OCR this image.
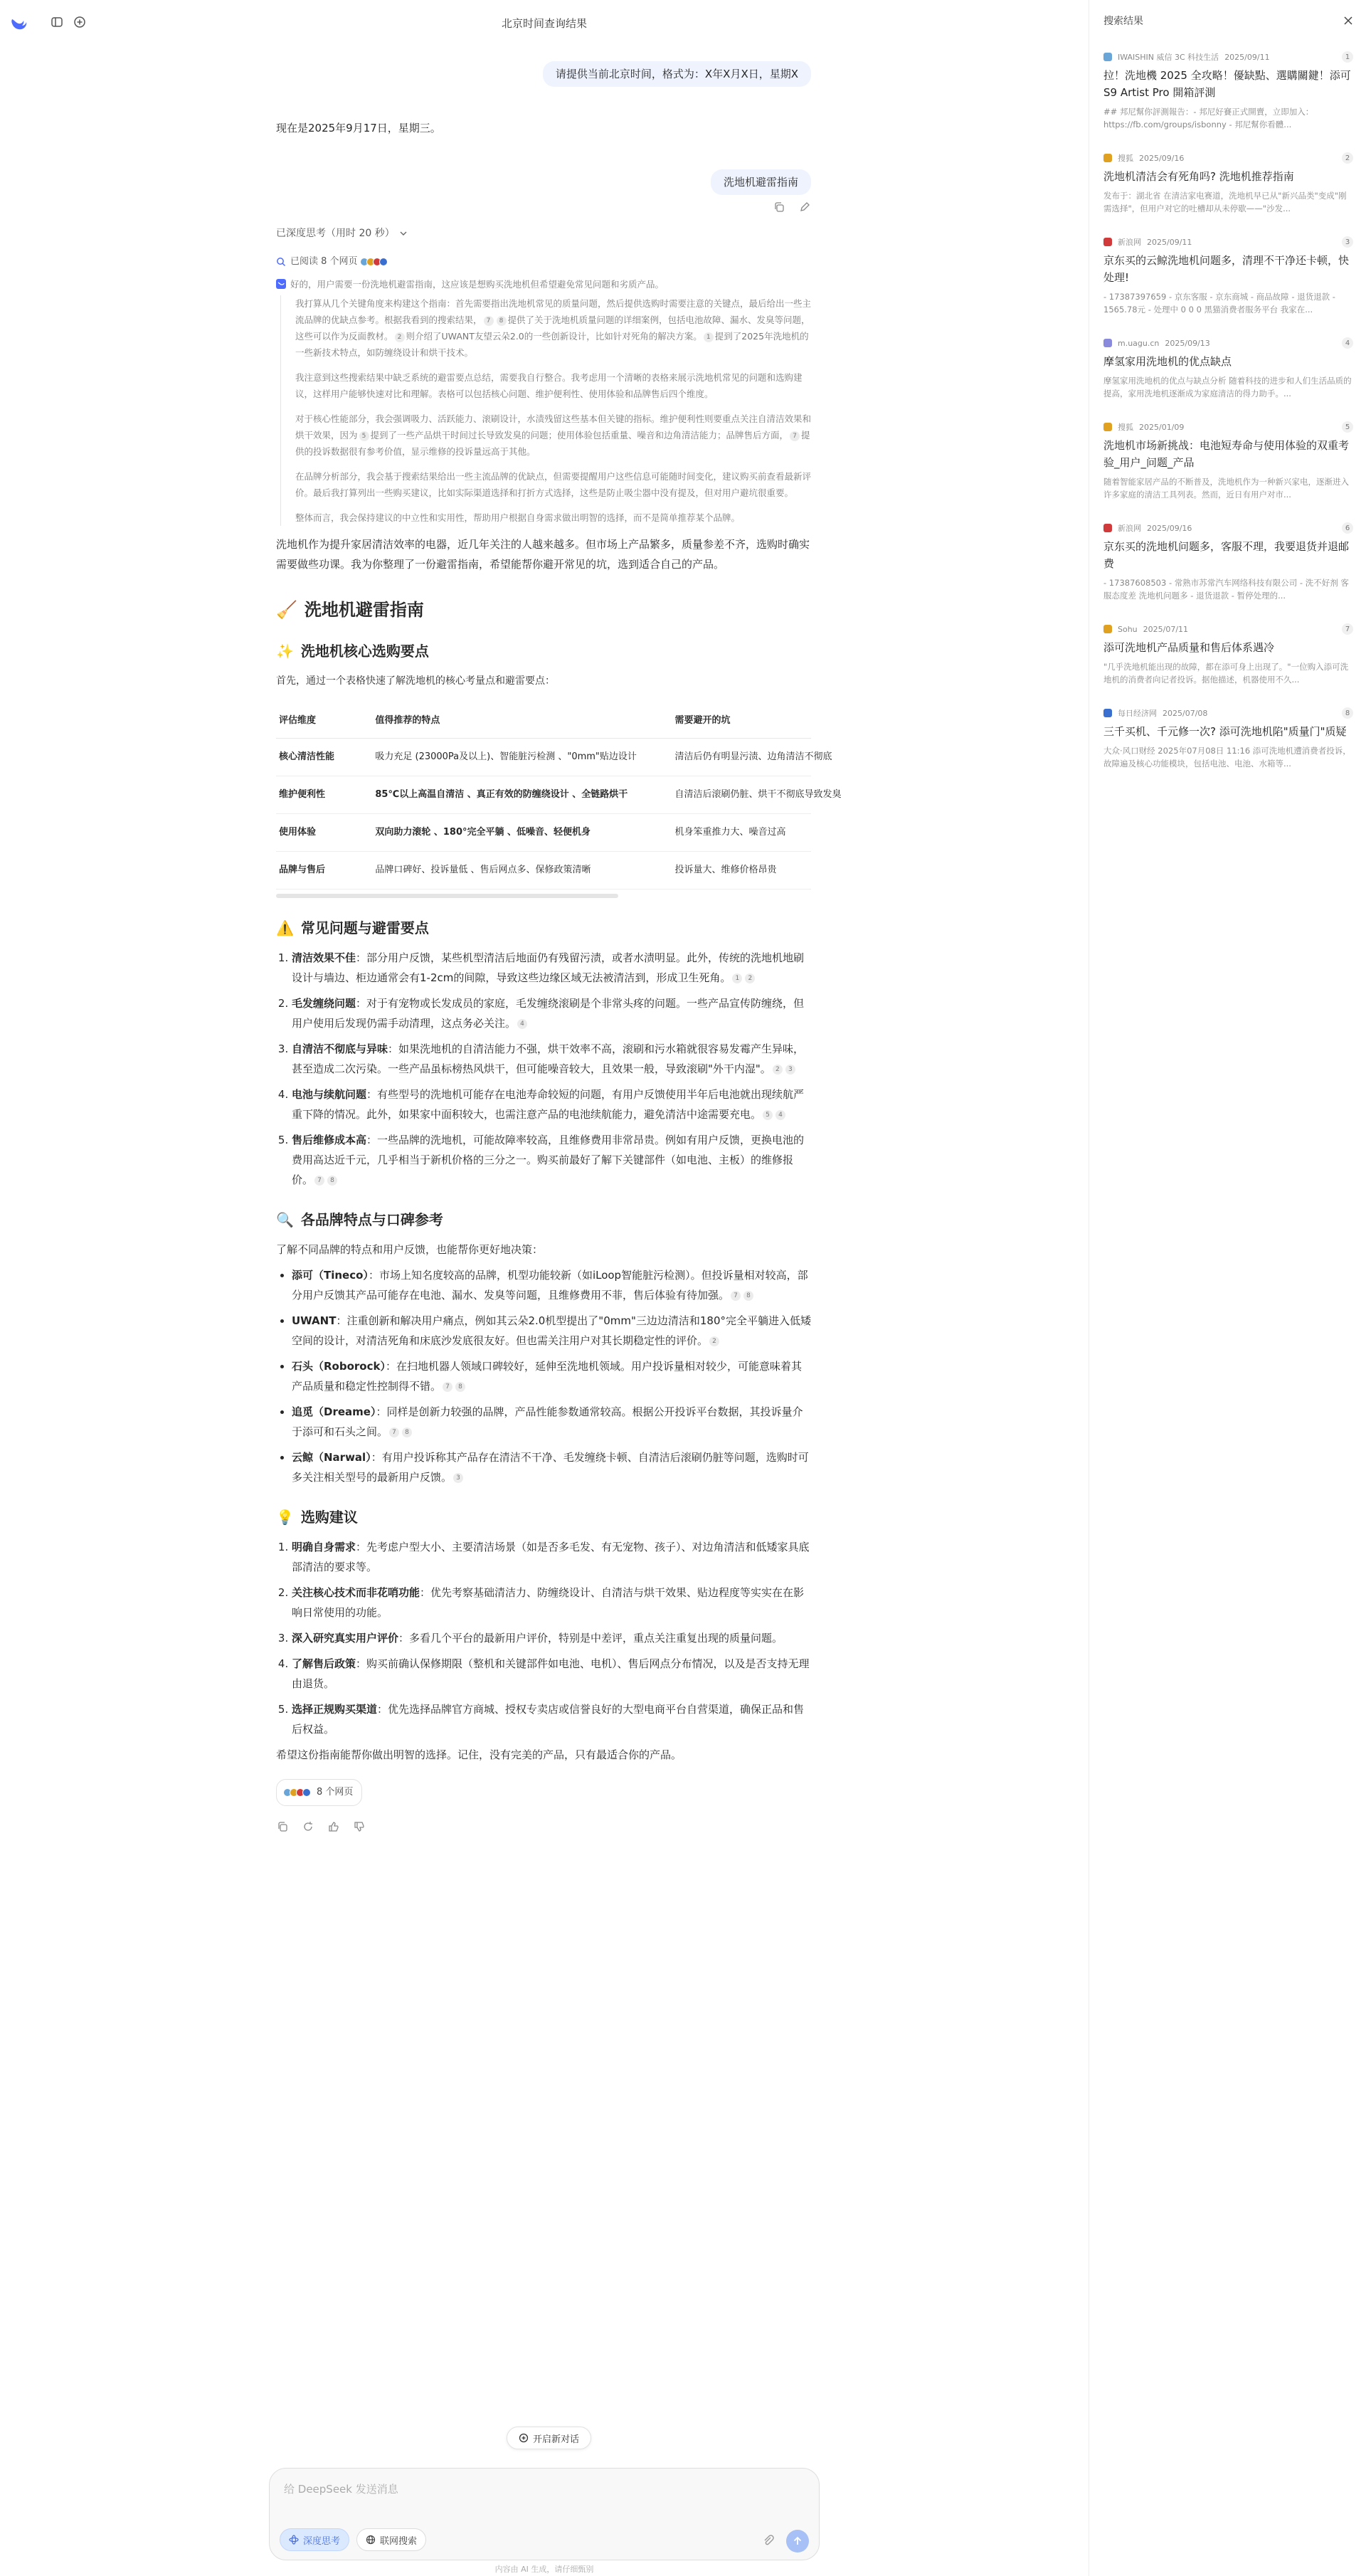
北京时间查询结果
请提供当前北京时间，格式为：X年X月X日，星期X
现在是2025年9月17日，星期三。
洗地机避雷指南
已深度思考（用时 20 秒）
已阅读 8 个网页
好的，用户需要一份洗地机避雷指南，这应该是想购买洗地机但希望避免常见问题和劣质产品。

我打算从几个关键角度来构建这个指南：首先需要指出洗地机常见的质量问题，然后提供选购时需要注意的关键点，最后给出一些主流品牌的优缺点参考。根据我看到的搜索结果， 7 8 提供了关于洗地机质量问题的详细案例，包括电池故障、漏水、发臭等问题，这些可以作为反面教材。 2 则介绍了UWANT友望云朵2.0的一些创新设计，比如针对死角的解决方案。 1 提到了2025年洗地机的一些新技术特点，如防缠绕设计和烘干技术。

我注意到这些搜索结果中缺乏系统的避雷要点总结，需要我自行整合。我考虑用一个清晰的表格来展示洗地机常见的问题和选购建议，这样用户能够快速对比和理解。表格可以包括核心问题、维护便利性、使用体验和品牌售后四个维度。

对于核心性能部分，我会强调吸力、活跃能力、滚刷设计，水渍残留这些基本但关键的指标。维护便利性则要重点关注自清洁效果和烘干效果，因为 5 提到了一些产品烘干时间过长导致发臭的问题；使用体验包括重量、噪音和边角清洁能力；品牌售后方面， 7 提供的投诉数据很有参考价值，显示维修的投诉量远高于其他。

在品牌分析部分，我会基于搜索结果给出一些主流品牌的优缺点，但需要提醒用户这些信息可能随时间变化，建议购买前查看最新评价。最后我打算列出一些购买建议，比如实际渠道选择和打折方式选择，这些是防止吸尘器中没有提及，但对用户避坑很重要。

整体而言，我会保持建议的中立性和实用性，帮助用户根据自身需求做出明智的选择，而不是简单推荐某个品牌。

洗地机作为提升家居清洁效率的电器，近几年关注的人越来越多。但市场上产品繁多，质量参差不齐，选购时确实需要做些功课。我为你整理了一份避雷指南，希望能帮你避开常见的坑，选到适合自己的产品。

🧹 洗地机避雷指南
✨ 洗地机核心选购要点

首先，通过一个表格快速了解洗地机的核心考量点和避雷要点：

评估维度	值得推荐的特点	需要避开的坑
核心清洁性能	吸力充足 (23000Pa及以上)、智能脏污检测 、"0mm"贴边设计	清洁后仍有明显污渍、边角清洁不彻底
维护便利性	85℃以上高温自清洁 、真正有效的防缠绕设计 、全链路烘干	自清洁后滚刷仍脏、烘干不彻底导致发臭
使用体验	双向助力滚轮 、180°完全平躺 、低噪音、轻便机身	机身笨重推力大、噪音过高
品牌与售后	品牌口碑好、投诉量低 、售后网点多、保修政策清晰	投诉量大、维修价格昂贵
⚠️ 常见问题与避雷要点
1. 清洁效果不佳：部分用户反馈，某些机型清洁后地面仍有残留污渍，或者水渍明显。此外，传统的洗地机地刷设计与墙边、柜边通常会有1-2cm的间隙，导致这些边缘区域无法被清洁到，形成卫生死角。 1 2
2. 毛发缠绕问题：对于有宠物或长发成员的家庭，毛发缠绕滚刷是个非常头疼的问题。一些产品宣传防缠绕，但用户使用后发现仍需手动清理，这点务必关注。 4
3. 自清洁不彻底与异味：如果洗地机的自清洁能力不强，烘干效率不高，滚刷和污水箱就很容易发霉产生异味，甚至造成二次污染。一些产品虽标榜热风烘干，但可能噪音较大，且效果一般，导致滚刷"外干内湿"。 2 3
4. 电池与续航问题：有些型号的洗地机可能存在电池寿命较短的问题，有用户反馈使用半年后电池就出现续航严重下降的情况。此外，如果家中面积较大，也需注意产品的电池续航能力，避免清洁中途需要充电。 5 4
5. 售后维修成本高：一些品牌的洗地机，可能故障率较高，且维修费用非常昂贵。例如有用户反馈，更换电池的费用高达近千元，几乎相当于新机价格的三分之一。购买前最好了解下关键部件（如电池、主板）的维修报价。 7 8
🔍 各品牌特点与口碑参考

了解不同品牌的特点和用户反馈，也能帮你更好地决策：

• 添可（Tineco）：市场上知名度较高的品牌，机型功能较新（如iLoop智能脏污检测）。但投诉量相对较高，部分用户反馈其产品可能存在电池、漏水、发臭等问题，且维修费用不菲，售后体验有待加强。 7 8
• UWANT：注重创新和解决用户痛点，例如其云朵2.0机型提出了"0mm"三边边清洁和180°完全平躺进入低矮空间的设计，对清洁死角和床底沙发底很友好。但也需关注用户对其长期稳定性的评价。 2
• 石头（Roborock）：在扫地机器人领域口碑较好，延伸至洗地机领域。用户投诉量相对较少，可能意味着其产品质量和稳定性控制得不错。 7 8
• 追觅（Dreame）：同样是创新力较强的品牌，产品性能参数通常较高。根据公开投诉平台数据，其投诉量介于添可和石头之间。 7 8
• 云鲸（Narwal）：有用户投诉称其产品存在清洁不干净、毛发缠绕卡顿、自清洁后滚刷仍脏等问题，选购时可多关注相关型号的最新用户反馈。 3
💡 选购建议
1. 明确自身需求：先考虑户型大小、主要清洁场景（如是否多毛发、有无宠物、孩子）、对边角清洁和低矮家具底部清洁的要求等。
2. 关注核心技术而非花哨功能：优先考察基础清洁力、防缠绕设计、自清洁与烘干效果、贴边程度等实实在在影响日常使用的功能。
3. 深入研究真实用户评价：多看几个平台的最新用户评价，特别是中差评，重点关注重复出现的质量问题。
4. 了解售后政策：购买前确认保修期限（整机和关键部件如电池、电机）、售后网点分布情况，以及是否支持无理由退货。
5. 选择正规购买渠道：优先选择品牌官方商城、授权专卖店或信誉良好的大型电商平台自营渠道，确保正品和售后权益。

希望这份指南能帮你做出明智的选择。记住，没有完美的产品，只有最适合你的产品。

8 个网页
开启新对话
给 DeepSeek 发送消息
深度思考	联网搜索
内容由 AI 生成，请仔细甄别
搜索结果
IWAISHIN 威信 3C 科技生活 2025/09/11	1
拉！洗地機 2025 全攻略！優缺點、選購關鍵！添可 S9 Artist Pro 開箱評測
## 邦尼幫你評測報告：- 邦尼好賽正式開賣，立即加入：https://fb.com/groups/isbonny - 邦尼幫你看體...
搜狐 2025/09/16	2
洗地机清洁会有死角吗? 洗地机推荐指南
发布于：湖北省 在清洁家电赛道，洗地机早已从"新兴品类"变成"刚需选择"，但用户对它的吐槽却从未停歇——"沙发...
新浪网 2025/09/11	3
京东买的云鲸洗地机问题多，清理不干净还卡顿，快处理!
- 17387397659 - 京东客服 - 京东商城 - 商品故障 - 退货退款 - 1565.78元 - 处理中 0 0 0 黑猫消费者服务平台 我家在...
m.uagu.cn 2025/09/13	4
摩氢家用洗地机的优点缺点
摩氢家用洗地机的优点与缺点分析 随着科技的进步和人们生活品质的提高，家用洗地机逐渐成为家庭清洁的得力助手。...
搜狐 2025/01/09	5
洗地机市场新挑战：电池短寿命与使用体验的双重考验_用户_问题_产品
随着智能家居产品的不断普及，洗地机作为一种新兴家电，逐渐进入许多家庭的清洁工具列表。然而，近日有用户对市...
新浪网 2025/09/16	6
京东买的洗地机问题多，客服不理，我要退货并退邮费
- 17387608503 - 常熟市苏常汽车网络科技有限公司 - 洗不好剂 客服态度差 洗地机问题多 - 退货退款 - 暂停处理的...
Sohu 2025/07/11	7
添可洗地机产品质量和售后体系遇冷
"几乎洗地机能出现的故障，都在添可身上出现了。"一位购入添可洗地机的消费者向记者投诉。据他描述，机器使用不久...
每日经济网 2025/07/08	8
三千买机、千元修一次? 添可洗地机陷"质量门"质疑
大众·风口财经 2025年07月08日 11:16 添可洗地机遭消费者投诉，故障遍及核心功能模块，包括电池、电池、水箱等...
